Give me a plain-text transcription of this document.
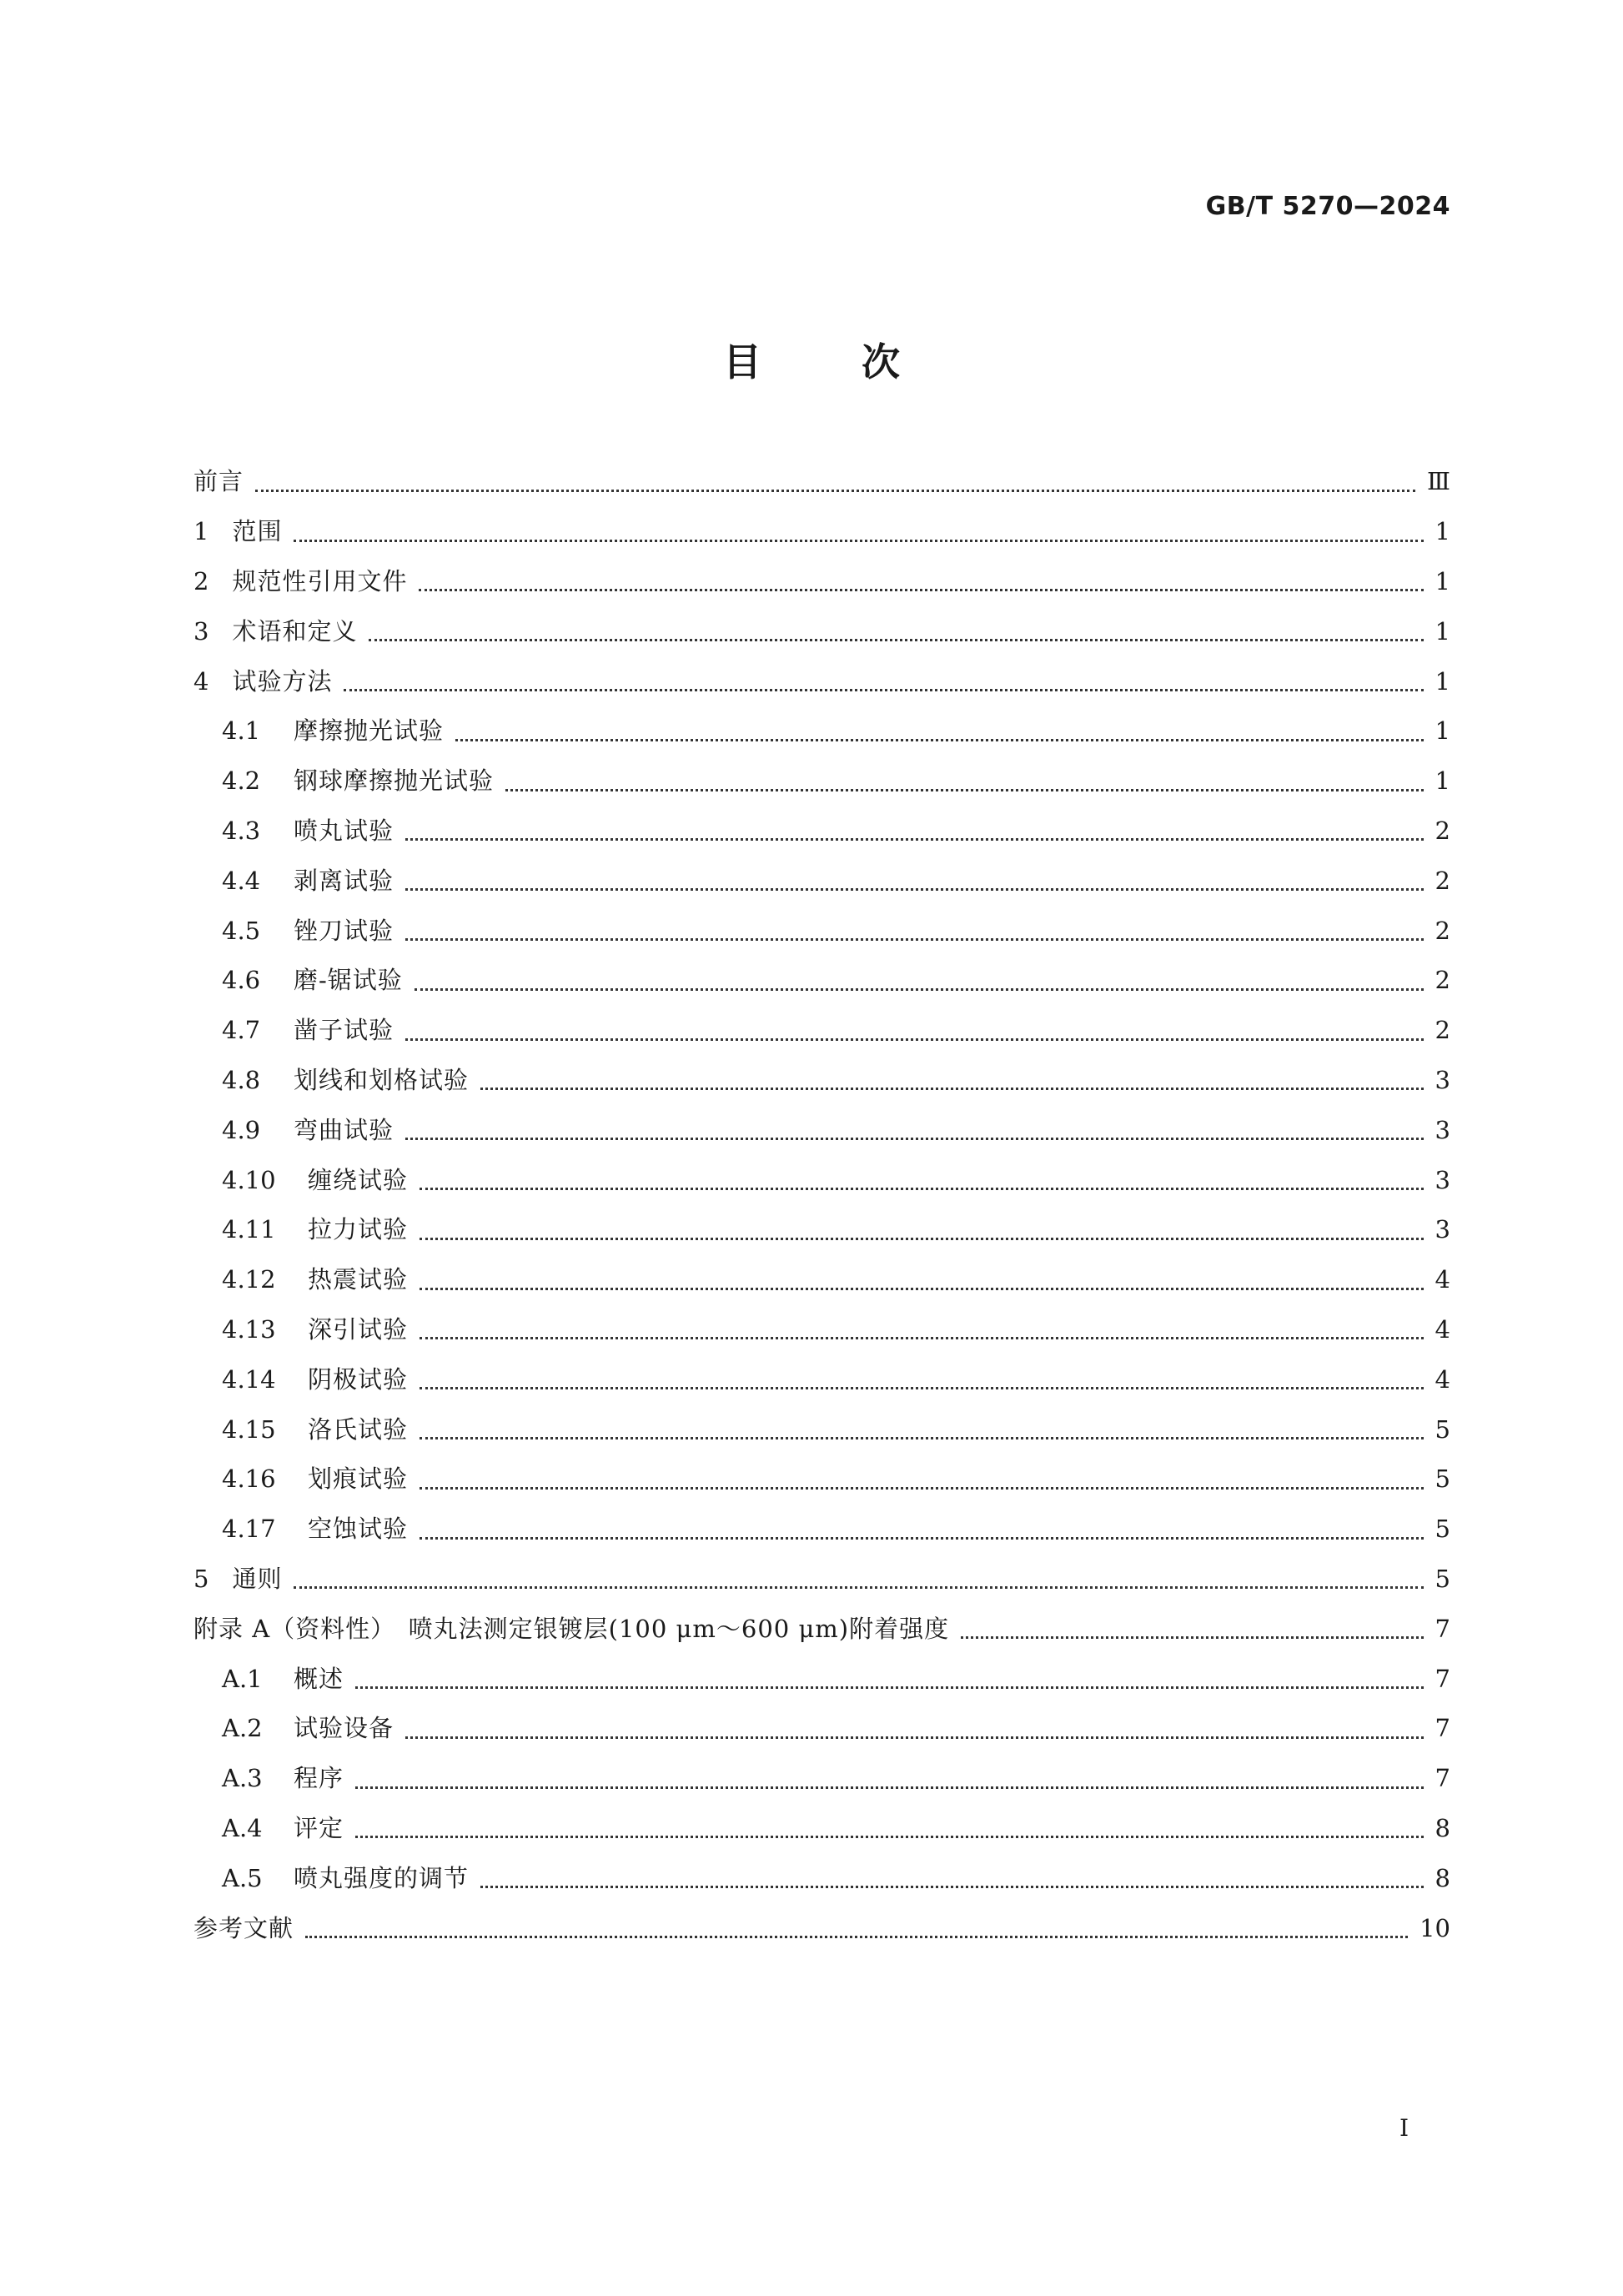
GB/T 5270—2024
目	次
前言	Ⅲ
1 范围	1
2 规范性引用文件	1
3 术语和定义	1
4 试验方法	1
4.1	摩擦抛光试验	1
4.2	钢球摩擦抛光试验	1
4.3	喷丸试验	2
4.4	剥离试验	2
4.5	锉刀试验	2
4.6	磨-锯试验	2
4.7	凿子试验	2
4.8	划线和划格试验	3
4.9	弯曲试验	3
4.10	缠绕试验	3
4.11	拉力试验	3
4.12	热震试验	4
4.13	深引试验	4
4.14	阴极试验	4
4.15	洛氏试验	5
4.16	划痕试验	5
4.17	空蚀试验	5
5 通则	5
附录 A（资料性）　喷丸法测定银镀层(100 μm～600 μm)附着强度	7
A.1	概述	7
A.2	试验设备	7
A.3	程序	7
A.4	评定	8
A.5	喷丸强度的调节	8
参考文献	10
I
